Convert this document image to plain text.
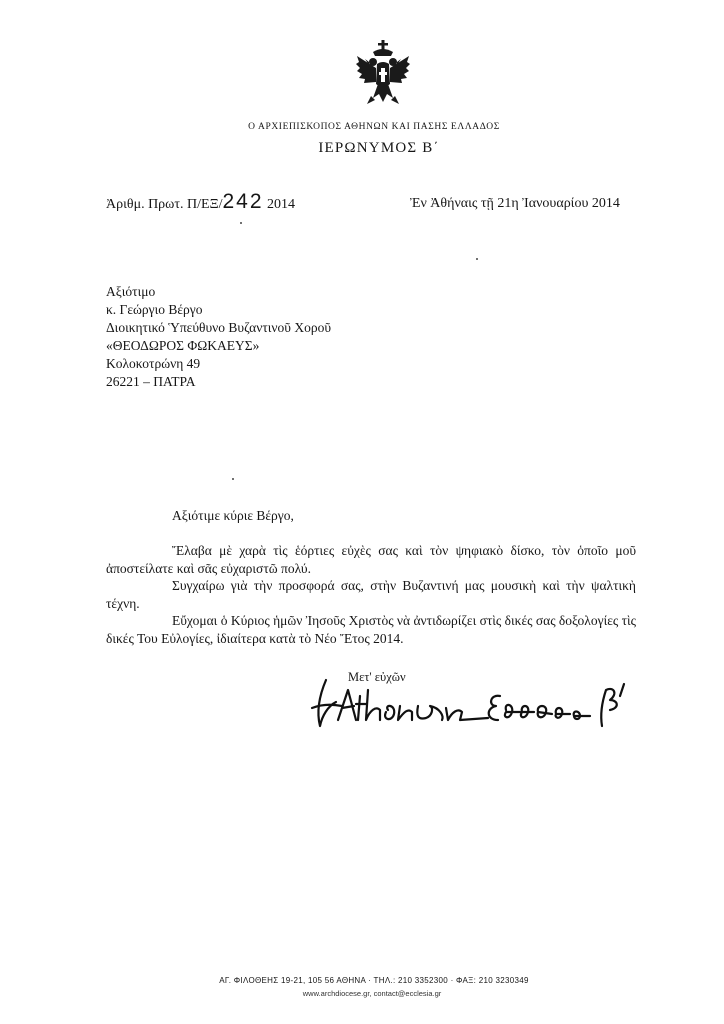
Ο ΑΡΧΙΕΠΙΣΚΟΠΟΣ ΑΘΗΝΩΝ ΚΑΙ ΠΑΣΗΣ ΕΛΛΑΔΟΣ
ΙΕΡΩΝΥΜΟΣ Β΄
Ἀριθμ. Πρωτ. Π/ΕΞ/242 2014	Ἐν Ἀθήναις τῇ 21η Ἰανουαρίου 2014
Αξιότιμο
κ. Γεώργιο Βέργο
Διοικητικό Ὑπεύθυνο Βυζαντινοῦ Χοροῦ
«ΘΕΟΔΩΡΟΣ ΦΩΚΑΕΥΣ»
Κολοκοτρώνη 49
26221 – ΠΑΤΡΑ
Αξιότιμε κύριε Βέργο,

Ἔλαβα μὲ χαρὰ τὶς ἑόρτιες εὐχὲς σας καὶ τὸν ψηφιακὸ δίσκο, τὸν ὁποῖο μοῦ ἀποστείλατε καὶ σᾶς εὐχαριστῶ πολύ.

Συγχαίρω γιὰ τὴν προσφορά σας, στὴν Βυζαντινή μας μουσικὴ καὶ τὴν ψαλτικὴ τέχνη.

Εὔχομαι ὁ Κύριος ἡμῶν Ἰησοῦς Χριστὸς νὰ ἀντιδωρίζει στὶς δικές σας δοξολογίες τὶς δικές Του Εὐλογίες, ἰδιαίτερα κατὰ τὸ Νέο Ἔτος 2014.

Μετ' εὐχῶν
ΑΓ. ΦΙΛΟΘΕΗΣ 19-21, 105 56 ΑΘΗΝΑ · ΤΗΛ.: 210 3352300 · ΦΑΞ: 210 3230349
www.archdiocese.gr, contact@ecclesia.gr
